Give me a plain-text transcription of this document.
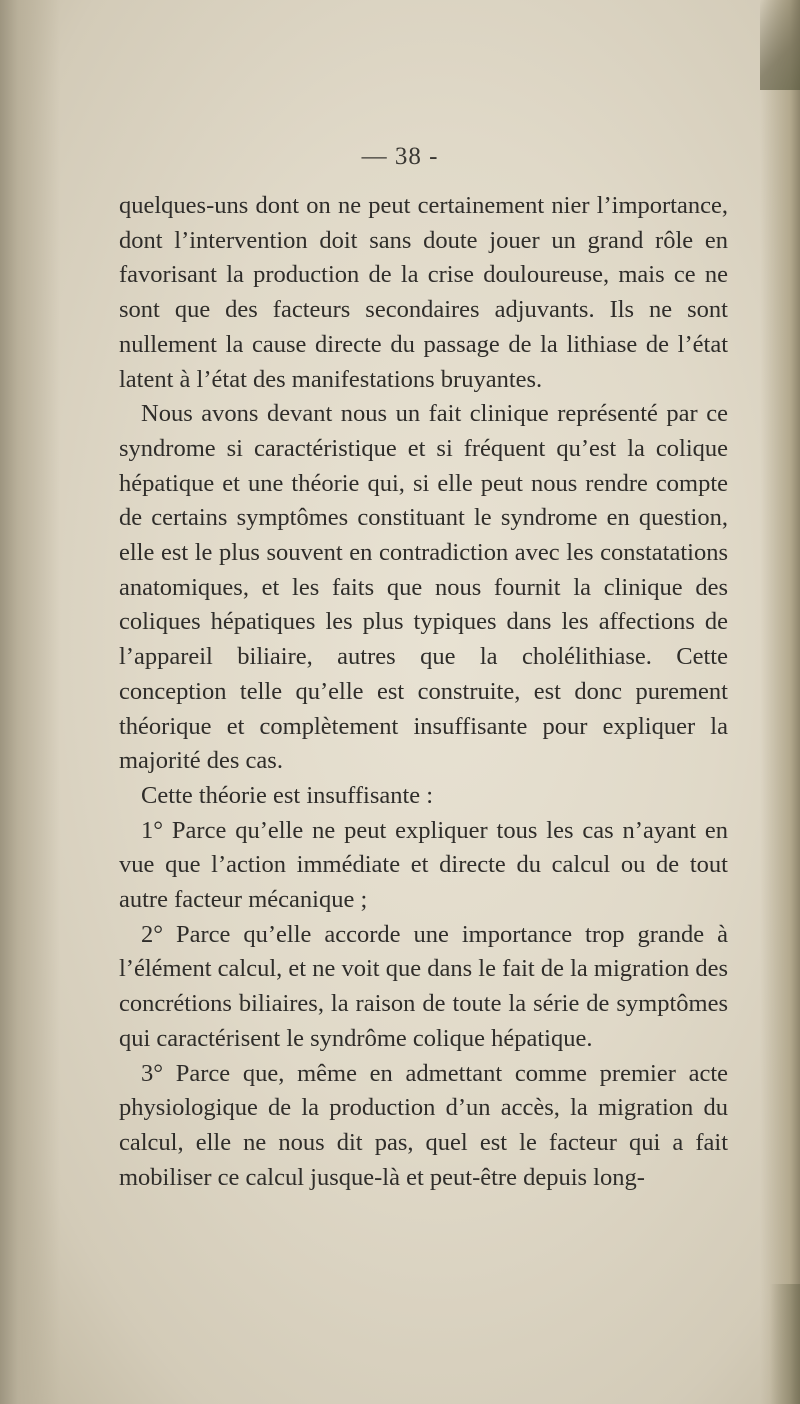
— 38 -

quelques-uns dont on ne peut certainement nier l’importance, dont l’intervention doit sans doute jouer un grand rôle en favorisant la production de la crise douloureuse, mais ce ne sont que des facteurs secondaires adjuvants. Ils ne sont nullement la cause directe du passage de la lithiase de l’état latent à l’état des manifestations bruyantes.

Nous avons devant nous un fait clinique représenté par ce syndrome si caractéristique et si fréquent qu’est la colique hépatique et une théorie qui, si elle peut nous rendre compte de certains symptômes constituant le syndrome en question, elle est le plus souvent en contradiction avec les constatations anatomiques, et les faits que nous fournit la clinique des coliques hépatiques les plus typiques dans les affections de l’appareil biliaire, autres que la cholélithiase. Cette conception telle qu’elle est construite, est donc purement théorique et complètement insuffisante pour expliquer la majorité des cas.

Cette théorie est insuffisante :

1° Parce qu’elle ne peut expliquer tous les cas n’ayant en vue que l’action immédiate et directe du calcul ou de tout autre facteur mécanique ;

2° Parce qu’elle accorde une importance trop grande à l’élément calcul, et ne voit que dans le fait de la migration des concrétions biliaires, la raison de toute la série de symptômes qui caractérisent le syndrôme colique hépatique.

3° Parce que, même en admettant comme premier acte physiologique de la production d’un accès, la migration du calcul, elle ne nous dit pas, quel est le facteur qui a fait mobiliser ce calcul jusque-là et peut-être depuis long-
